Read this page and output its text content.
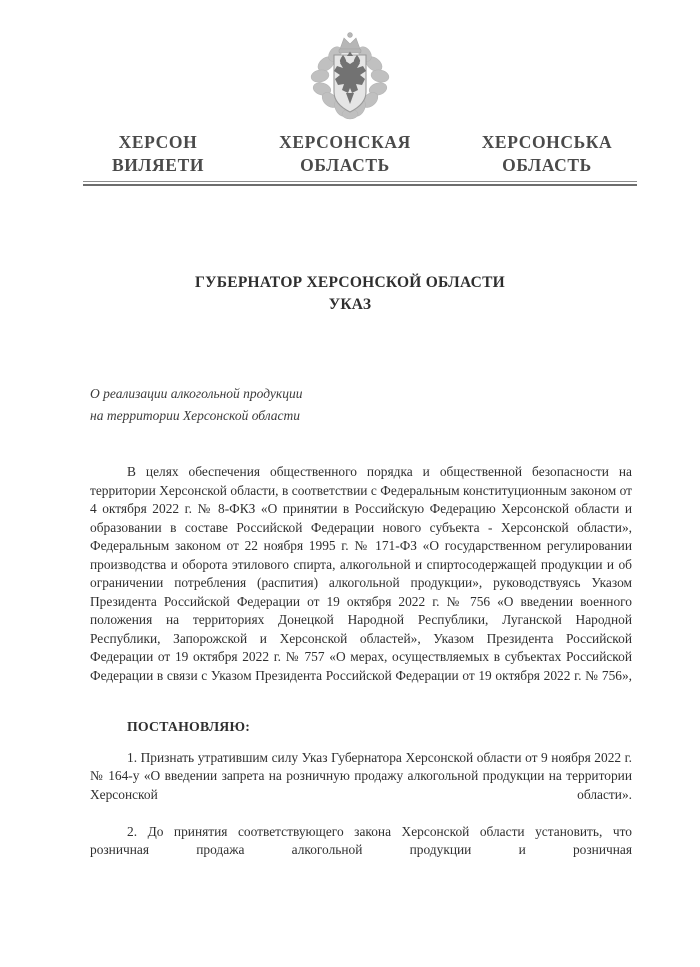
ХЕРСОН
ВИЛЯЕТИ
ХЕРСОНСКАЯ
ОБЛАСТЬ
ХЕРСОНСЬКА
ОБЛАСТЬ
ГУБЕРНАТОР ХЕРСОНСКОЙ ОБЛАСТИ
УКАЗ
О реализации алкогольной продукции
на территории Херсонской области

В целях обеспечения общественного порядка и общественной безопасности на территории Херсонской области, в соответствии с Федеральным конституционным законом от 4 октября 2022 г. № 8-ФКЗ «О принятии в Российскую Федерацию Херсонской области и образовании в составе Российской Федерации нового субъекта - Херсонской области», Федеральным законом от 22 ноября 1995 г. № 171-ФЗ «О государственном регулировании производства и оборота этилового спирта, алкогольной и спиртосодержащей продукции и об ограничении потребления (распития) алкогольной продукции», руководствуясь Указом Президента Российской Федерации от 19 октября 2022 г. № 756 «О введении военного положения на территориях Донецкой Народной Республики, Луганской Народной Республики, Запорожской и Херсонской областей», Указом Президента Российской Федерации от 19 октября 2022 г. № 757 «О мерах, осуществляемых в субъектах Российской Федерации в связи с Указом Президента Российской Федерации от 19 октября 2022 г. № 756»,

ПОСТАНОВЛЯЮ:

1. Признать утратившим силу Указ Губернатора Херсонской области от 9 ноября 2022 г. № 164-у «О введении запрета на розничную продажу алкогольной продукции на территории Херсонской области».

2. До принятия соответствующего закона Херсонской области установить, что розничная продажа алкогольной продукции и розничная
